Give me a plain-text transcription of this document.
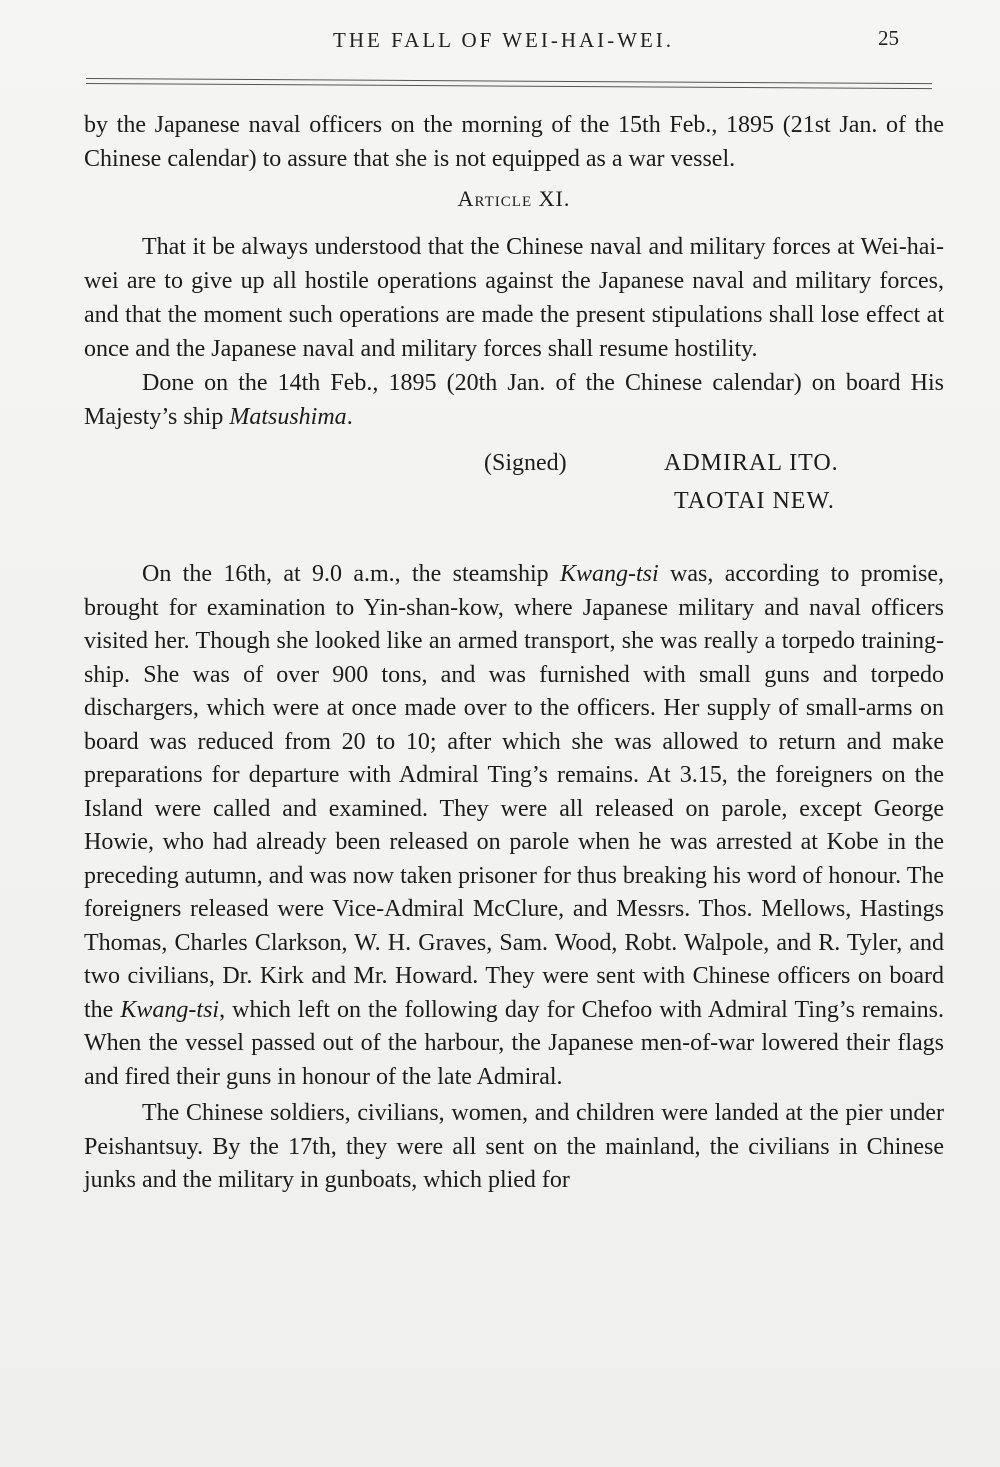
THE FALL OF WEI-HAI-WEI.	25

by the Japanese naval officers on the morning of the 15th Feb., 1895 (21st Jan. of the Chinese calendar) to assure that she is not equipped as a war vessel.

Article XI.

That it be always understood that the Chinese naval and military forces at Wei-hai-wei are to give up all hostile operations against the Japanese naval and military forces, and that the moment such operations are made the present stipulations shall lose effect at once and the Japanese naval and military forces shall resume hostility.

Done on the 14th Feb., 1895 (20th Jan. of the Chinese calendar) on board His Majesty’s ship Matsushima.

(Signed)	ADMIRAL ITO.
TAOTAI NEW.

On the 16th, at 9.0 a.m., the steamship Kwang-tsi was, according to promise, brought for examination to Yin-shan-kow, where Japanese military and naval officers visited her. Though she looked like an armed transport, she was really a torpedo training-ship. She was of over 900 tons, and was furnished with small guns and torpedo dischargers, which were at once made over to the officers. Her supply of small-arms on board was reduced from 20 to 10; after which she was allowed to return and make preparations for departure with Admiral Ting’s remains. At 3.15, the foreigners on the Island were called and examined. They were all released on parole, except George Howie, who had already been released on parole when he was arrested at Kobe in the preceding autumn, and was now taken prisoner for thus breaking his word of honour. The foreigners released were Vice-Admiral McClure, and Messrs. Thos. Mellows, Hastings Thomas, Charles Clarkson, W. H. Graves, Sam. Wood, Robt. Walpole, and R. Tyler, and two civilians, Dr. Kirk and Mr. Howard. They were sent with Chinese officers on board the Kwang-tsi, which left on the following day for Chefoo with Admiral Ting’s remains. When the vessel passed out of the harbour, the Japanese men-of-war lowered their flags and fired their guns in honour of the late Admiral.

The Chinese soldiers, civilians, women, and children were landed at the pier under Peishantsuy. By the 17th, they were all sent on the mainland, the civilians in Chinese junks and the military in gunboats, which plied for
